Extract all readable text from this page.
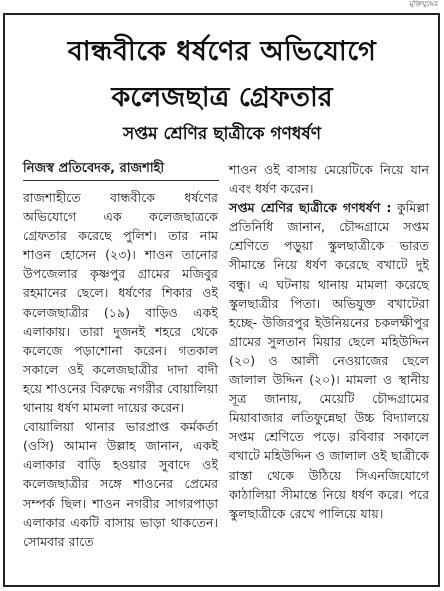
মুক্তিযুদ্ধের
বান্ধবীকে ধর্ষণের অভিযোগে
কলেজছাত্র গ্রেফতার
সপ্তম শ্রেণির ছাত্রীকে গণধর্ষণ
নিজস্ব প্রতিবেদক, রাজশাহী

রাজশাহীতে বান্ধবীকে ধর্ষণের অভিযোগে এক কলেজছাত্রকে গ্রেফতার করেছে পুলিশ। তার নাম শাওন হোসেন (২৩)। শাওন তানোর উপজেলার কৃষ্ণপুর গ্রামের মজিবুর রহমানের ছেলে। ধর্ষণের শিকার ওই কলেজছাত্রীর (১৯) বাড়িও একই এলাকায়। তারা দুজনই শহরে থেকে কলেজে পড়াশোনা করেন। গতকাল সকালে ওই কলেজছাত্রীর দাদা বাদী হয়ে শাওনের বিরুদ্ধে নগরীর বোয়ালিয়া থানায় ধর্ষণ মামলা দায়ের করেন।

বোয়ালিয়া থানার ভারপ্রাপ্ত কর্মকর্তা (ওসি) আমান উল্লাহ জানান, একই এলাকার বাড়ি হওয়ার সুবাদে ওই কলেজছাত্রীর সঙ্গে শাওনের প্রেমের সম্পর্ক ছিল। শাওন নগরীর সাগরপাড়া এলাকার একটি বাসায় ভাড়া থাকতেন। সোমবার রাতে

শাওন ওই বাসায় মেয়েটিকে নিয়ে যান এবং ধর্ষণ করেন।

সপ্তম শ্রেণির ছাত্রীকে গণধর্ষণ : কুমিল্লা প্রতিনিধি জানান, চৌদ্দগ্রামে সপ্তম শ্রেণিতে পড়ুয়া স্কুলছাত্রীকে ভারত সীমান্তে নিয়ে ধর্ষণ করেছে বখাটে দুই বন্ধু। এ ঘটনায় থানায় মামলা করেছে স্কুলছাত্রীর পিতা। অভিযুক্ত বখাটেরা হচ্ছে- উজিরপুর ইউনিয়নের চকলক্ষীপুর গ্রামের সুলতান মিয়ার ছেলে মহিউদ্দিন (২০) ও আলী নেওয়াজের ছেলে জালাল উদ্দিন (২০)। মামলা ও স্থানীয় সূত্র জানায়, মেয়েটি চৌদ্দগ্রামের মিয়াবাজার লতিফুন্নেছা উচ্চ বিদ্যালয়ে সপ্তম শ্রেণিতে পড়ে। রবিবার সকালে বখাটে মহিউদ্দিন ও জালাল ওই ছাত্রীকে রাস্তা থেকে উঠিয়ে সিএনজিযোগে কাঠালিয়া সীমান্তে নিয়ে ধর্ষণ করে। পরে স্কুলছাত্রীকে রেখে পালিয়ে যায়।
